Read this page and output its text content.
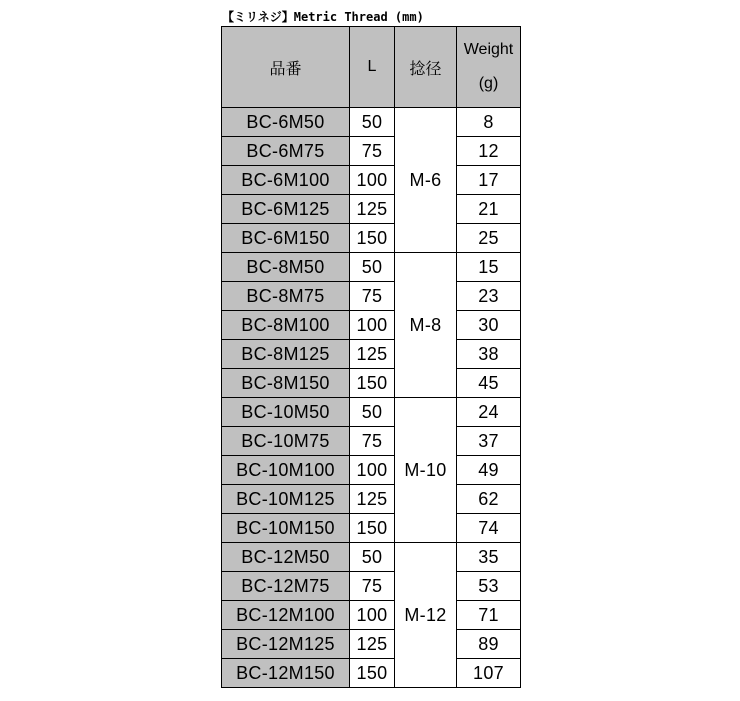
【ミリネジ】Metric Thread (mm)
品番	L	捻径	Weight
(g)

BC-6M50	50	M-6	8
BC-6M75	75		12
BC-6M100	100		17
BC-6M125	125		21
BC-6M150	150		25
BC-8M50	50	M-8	15
BC-8M75	75		23
BC-8M100	100		30
BC-8M125	125		38
BC-8M150	150		45
BC-10M50	50	M-10	24
BC-10M75	75		37
BC-10M100	100		49
BC-10M125	125		62
BC-10M150	150		74
BC-12M50	50	M-12	35
BC-12M75	75		53
BC-12M100	100		71
BC-12M125	125		89
BC-12M150	150		107
